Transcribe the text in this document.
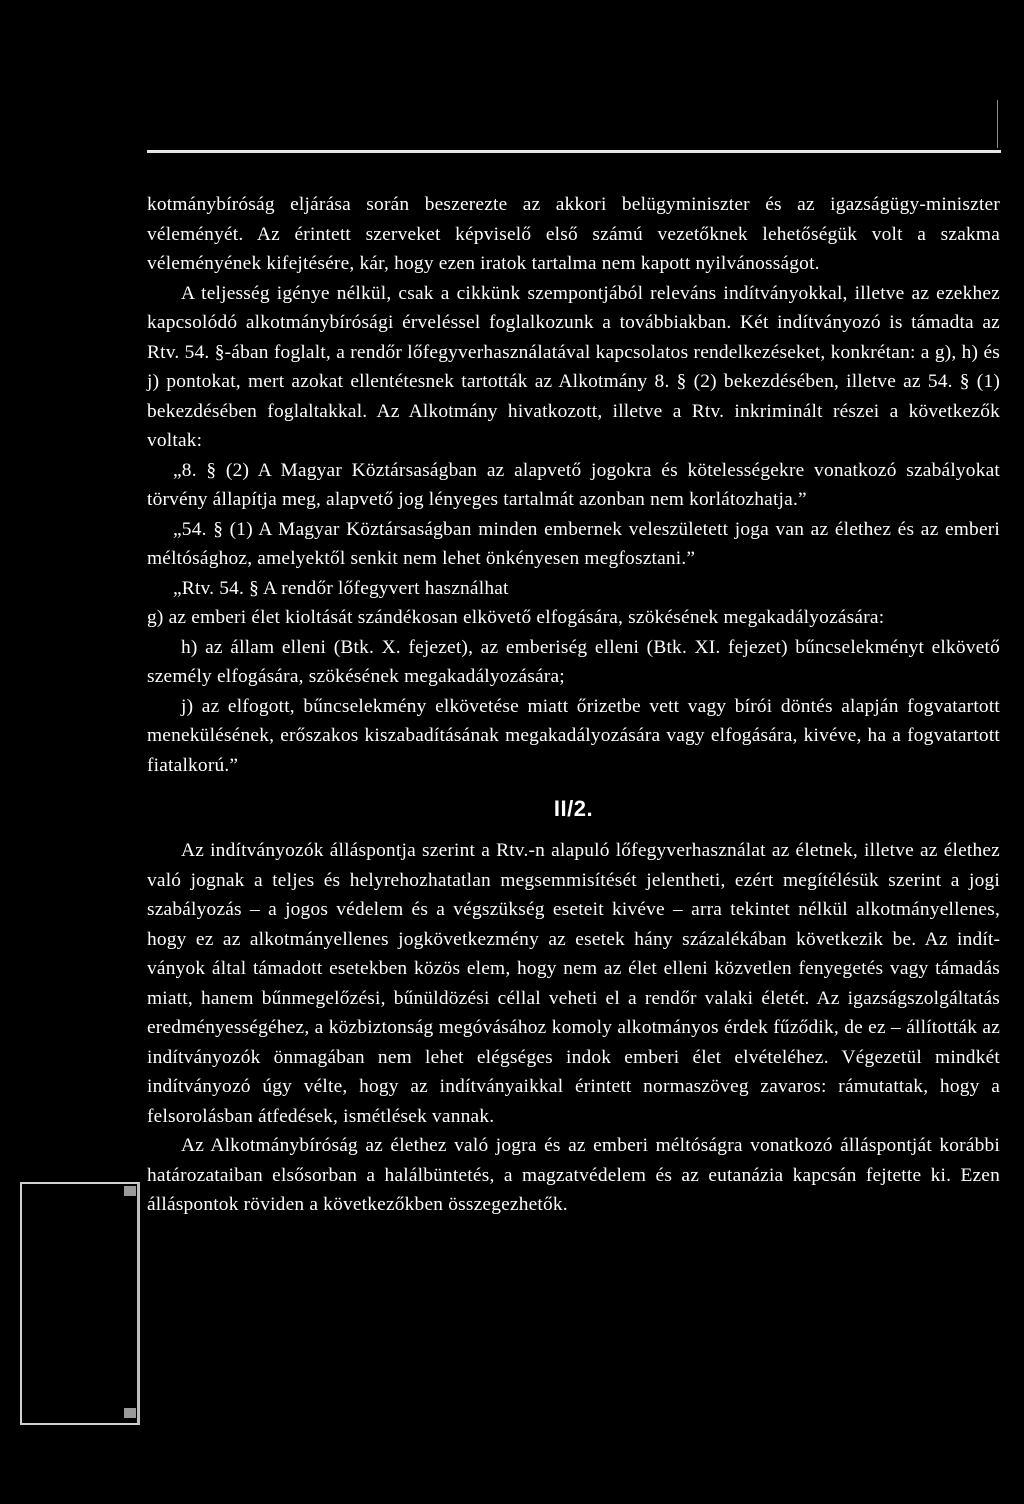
kotmánybíróság eljárása során beszerezte az akkori belügyminiszter és az igazságügy-miniszter véleményét. Az érintett szerveket képviselő első számú vezetőknek lehetőségük volt a szakma véleményének kifejtésére, kár, hogy ezen iratok tartalma nem kapott nyilvánosságot.

A teljesség igénye nélkül, csak a cikkünk szempontjából releváns indítványokkal, illetve az ezekhez kapcsolódó alkotmánybírósági érveléssel foglalkozunk a továbbiakban. Két indítványozó is támadta az Rtv. 54. §-ában foglalt, a rendőr lőfegyverhasználatával kapcsolatos rendelkezéseket, konkrétan: a g), h) és j) pontokat, mert azokat ellentétesnek tartották az Alkotmány 8. § (2) bekezdésében, illetve az 54. § (1) bekezdésében foglaltakkal. Az Alkotmány hivatkozott, illetve a Rtv. inkriminált részei a következők voltak:

„8. § (2) A Magyar Köztársaságban az alapvető jogokra és kötelességekre vonatkozó szabályokat törvény állapítja meg, alapvető jog lényeges tartalmát azonban nem korlátozhatja.”

„54. § (1) A Magyar Köztársaságban minden embernek veleszületett joga van az élethez és az emberi méltósághoz, amelyektől senkit nem lehet önkényesen megfosztani.”

„Rtv. 54. § A rendőr lőfegyvert használhat

g) az emberi élet kioltását szándékosan elkövető elfogására, szökésének megakadályozására:

h) az állam elleni (Btk. X. fejezet), az emberiség elleni (Btk. XI. fejezet) bűncselekményt elkövető személy elfogására, szökésének megakadályozására;

j) az elfogott, bűncselekmény elkövetése miatt őrizetbe vett vagy bírói döntés alapján fogvatartott menekülésének, erőszakos kiszabadításának megakadályozására vagy elfogására, kivéve, ha a fogvatartott fiatalkorú.”

II/2.

Az indítványozók álláspontja szerint a Rtv.-n alapuló lőfegyverhasználat az életnek, illetve az élethez való jognak a teljes és helyrehozhatatlan megsemmisítését jelentheti, ezért megítélésük szerint a jogi szabályozás – a jogos védelem és a végszükség eseteit kivéve – arra tekintet nélkül alkotmányellenes, hogy ez az alkotmányellenes jogkövetkezmény az esetek hány százalékában következik be. Az indítványok által támadott esetekben közös elem, hogy nem az élet elleni közvetlen fenyegetés vagy támadás miatt, hanem bűnmegelőzési, bűnüldözési céllal veheti el a rendőr valaki életét. Az igazságszolgáltatás eredményességéhez, a közbiztonság megóvásához komoly alkotmányos érdek fűződik, de ez – állították az indítványozók önmagában nem lehet elégséges indok emberi élet elvételéhez. Végezetül mindkét indítványozó úgy vélte, hogy az indítványaikkal érintett normaszöveg zavaros: rámutattak, hogy a felsorolásban átfedések, ismétlések vannak.

Az Alkotmánybíróság az élethez való jogra és az emberi méltóságra vonatkozó álláspontját korábbi határozataiban elsősorban a halálbüntetés, a magzatvédelem és az eutanázia kapcsán fejtette ki. Ezen álláspontok röviden a következőkben összegezhetők.
